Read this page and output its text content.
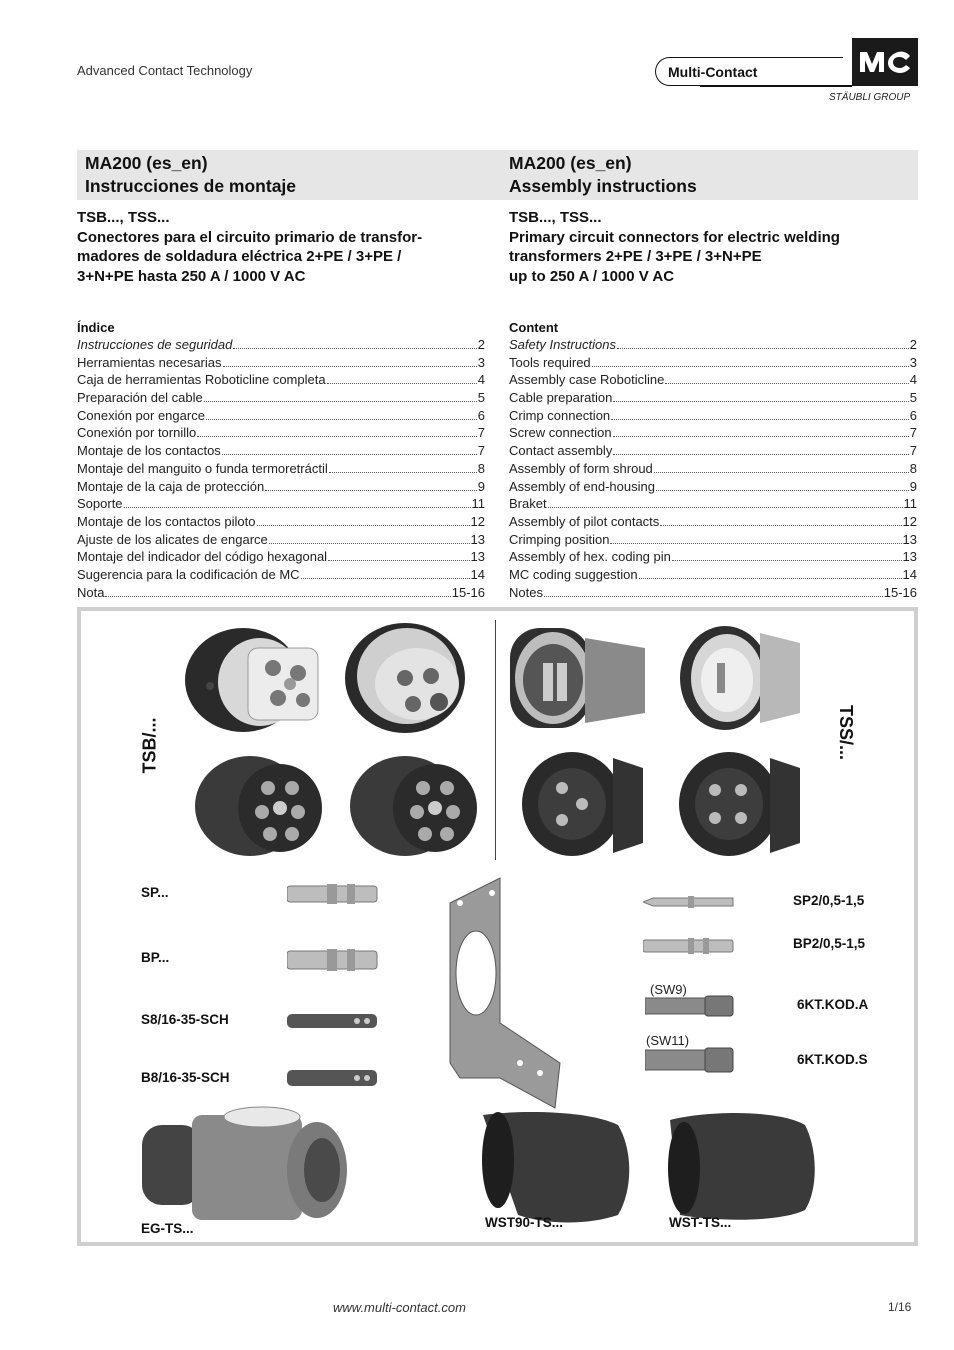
Advanced Contact Technology	Multi-Contact
STÄUBLI GROUP
MA200 (es_en)
Instrucciones de montaje
MA200 (es_en)
Assembly instructions
TSB..., TSS...
Conectores para el circuito primario de transfor-
madores de soldadura eléctrica 2+PE / 3+PE /
3+N+PE hasta 250 A / 1000 V AC
TSB..., TSS...
Primary circuit connectors for electric welding
transformers 2+PE / 3+PE / 3+N+PE
up to 250 A / 1000 V AC
Índice
Instrucciones de seguridad	2
Herramientas necesarias	3
Caja de herramientas Roboticline completa	4
Preparación del cable	5
Conexión por engarce	6
Conexión por tornillo	7
Montaje de los contactos	7
Montaje del manguito o funda termoretráctil	8
Montaje de la caja de protección	9
Soporte	11
Montaje de los contactos piloto	12
Ajuste de los alicates de engarce	13
Montaje del indicador del código hexagonal	13
Sugerencia para la codificación de MC	14
Nota	15-16
Content
Safety Instructions	2
Tools required	3
Assembly case Roboticline	4
Cable preparation	5
Crimp connection	6
Screw connection	7
Contact assembly	7
Assembly of form shroud	8
Assembly of end-housing	9
Braket	11
Assembly of pilot contacts	12
Crimping position	13
Assembly of hex. coding pin	13
MC coding suggestion	14
Notes	15-16
TSB/...	TSS/...
SP...
BP...
S8/16-35-SCH
B8/16-35-SCH
(SW9)
(SW11)
SP2/0,5-1,5
BP2/0,5-1,5
6KT.KOD.A
6KT.KOD.S
EG-TS...	WST90-TS...	WST-TS...
www.multi-contact.com	1/16
